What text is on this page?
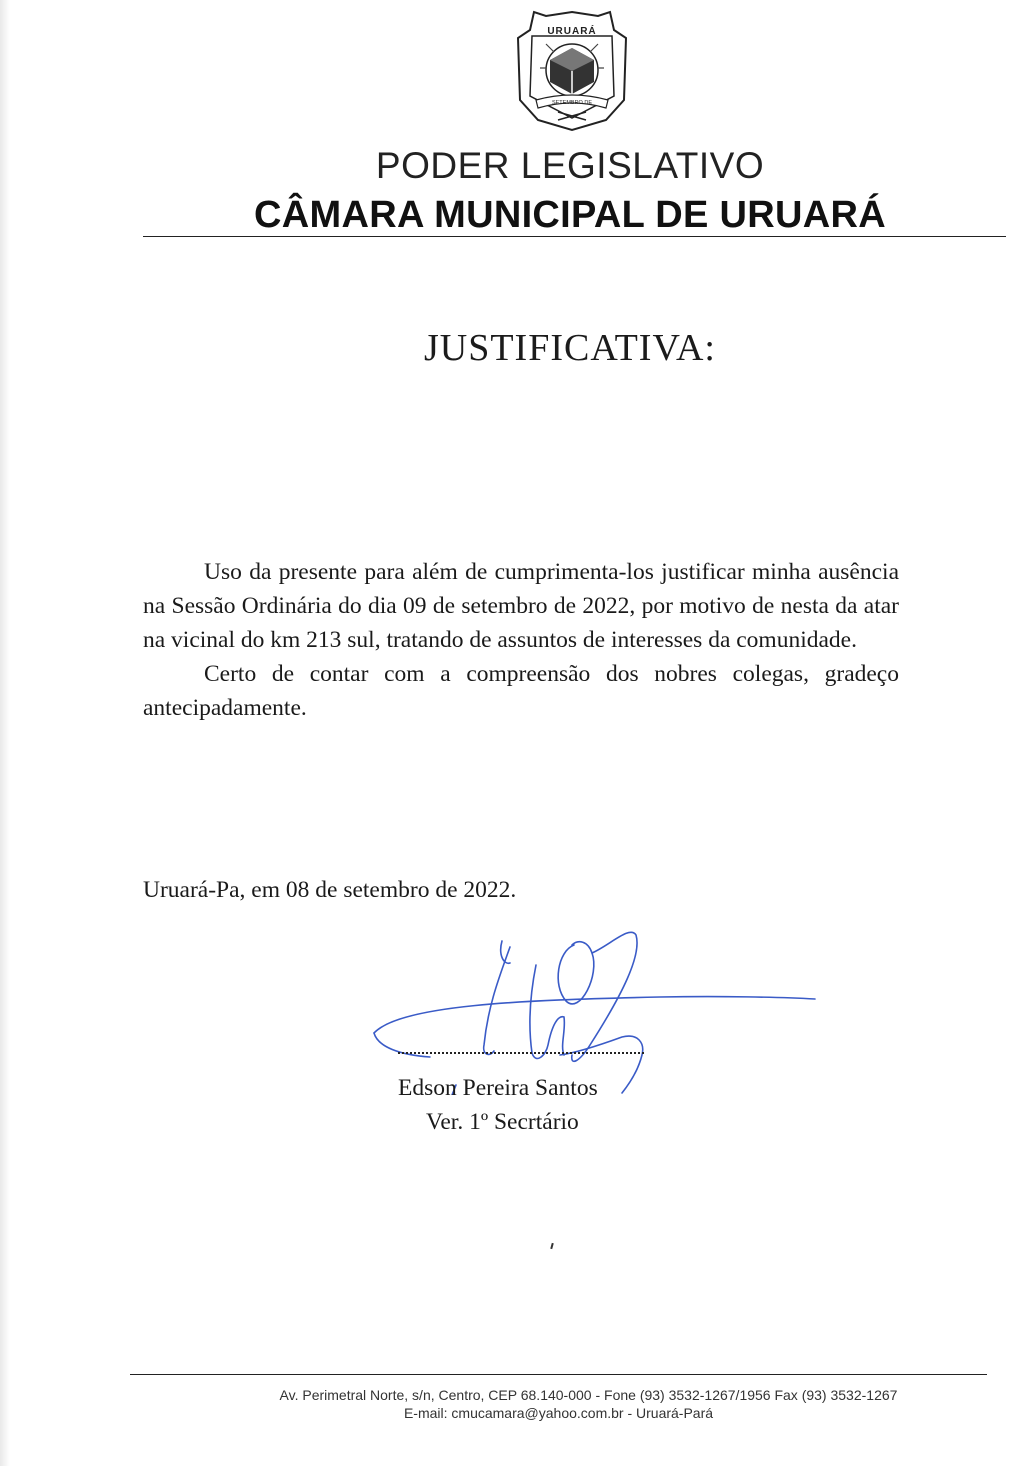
URUARÁ
SETEMBRO DE
PODER LEGISLATIVO
CÂMARA MUNICIPAL DE URUARÁ
JUSTIFICATIVA:

Uso da presente para além de cumprimenta-los justificar minha ausência na Sessão Ordinária do dia 09 de setembro de 2022, por motivo de nesta da atar na vicinal do km 213 sul, tratando de assuntos de interesses da comunidade.

Certo de contar com a compreensão dos nobres colegas, gradeço antecipadamente.

Uruará-Pa, em 08 de setembro de 2022.
Edson Pereira Santos
Ver. 1º Secrtário
Av. Perimetral Norte, s/n, Centro, CEP 68.140-000 - Fone (93) 3532-1267/1956 Fax (93) 3532-1267
E-mail: cmucamara@yahoo.com.br - Uruará-Pará
